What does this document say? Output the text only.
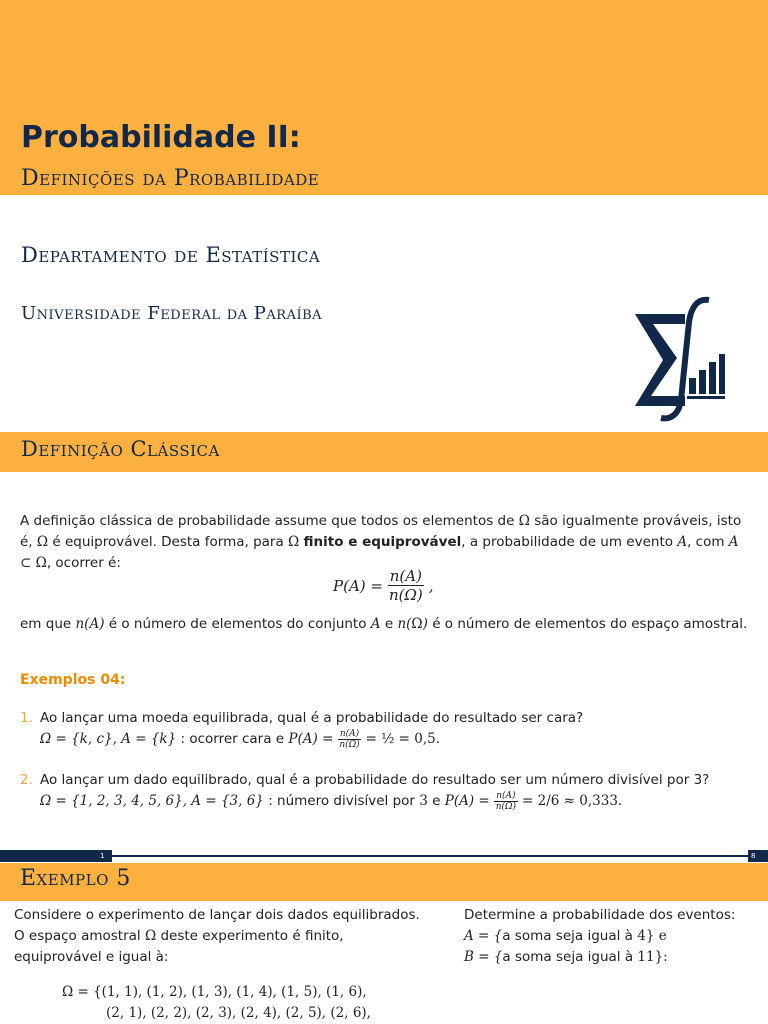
Probabilidade II:
Definições da Probabilidade
Departamento de Estatística
Universidade Federal da Paraíba
Definição Clássica
A definição clássica de probabilidade assume que todos os elementos de Ω são igualmente prováveis, isto é, Ω é equiprovável. Desta forma, para Ω finito e equiprovável, a probabilidade de um evento A, com A ⊂ Ω, ocorrer é:
$P(A) = \frac{n(A)}{n(\Omega)}$ ,
em que n(A) é o número de elementos do conjunto A e n(Ω) é o número de elementos do espaço amostral.
Exemplos 04:
1. Ao lançar uma moeda equilibrada, qual é a probabilidade do resultado ser cara?
Ω = {k, c}, A = {k}
: ocorrer cara e
$P(A) = \frac{n(A)}{n(\Omega)}$ = ½ = 0,5.
2. Ao lançar um dado equilibrado, qual é a probabilidade do resultado ser um número divisível por 3?
Ω = {1, 2, 3, 4, 5, 6}, A = {3, 6}
: número divisível por
3
e
$P(A) = \frac{n(A)}{n(\Omega)} = 2/6 \approx 0,333$.
1	8
Exemplo 5
Considere o experimento de lançar dois dados equilibrados.
O espaço amostral Ω deste experimento é finito,
equiprovável e igual à:
Determine a probabilidade dos eventos:
A = {a soma seja igual à 4} e
B = {a soma seja igual à 11}:
Ω = {(1, 1), (1, 2), (1, 3), (1, 4), (1, 5), (1, 6),
(2, 1), (2, 2), (2, 3), (2, 4), (2, 5), (2, 6),
